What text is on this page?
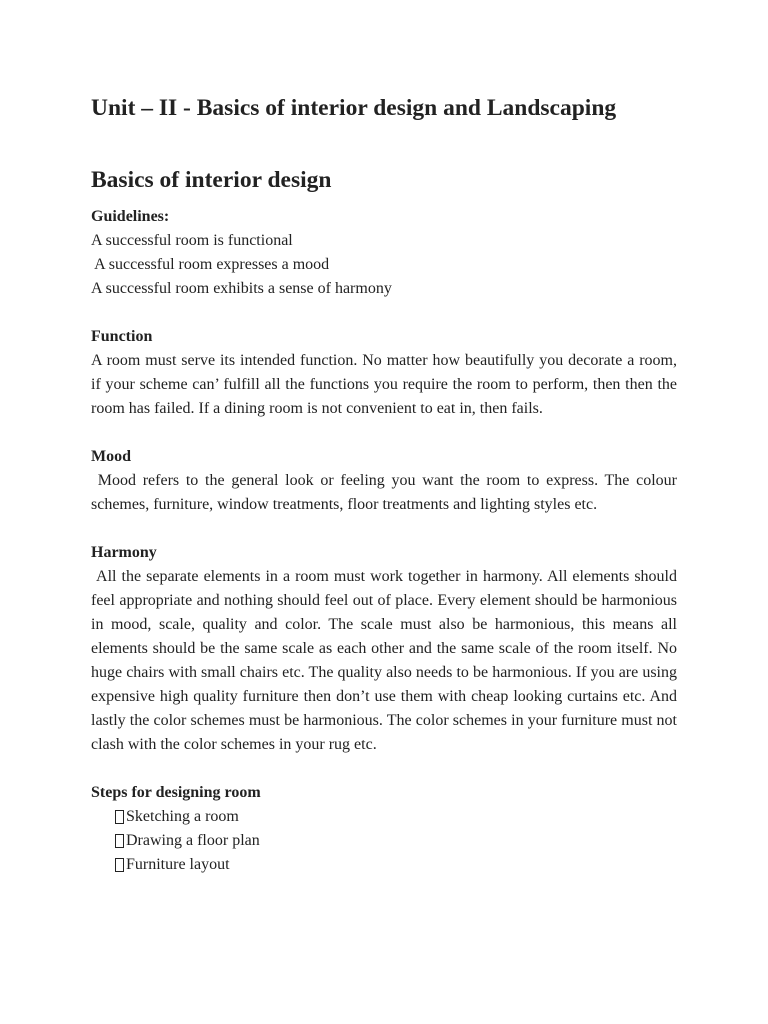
Unit – II - Basics of interior design and Landscaping
Basics of interior design

Guidelines:

A successful room is functional

A successful room expresses a mood

A successful room exhibits a sense of harmony

Function

A room must serve its intended function. No matter how beautifully you decorate a room, if your scheme can’ fulfill all the functions you require the room to perform, then then the room has failed. If a dining room is not convenient to eat in, then fails.

Mood

Mood refers to the general look or feeling you want the room to express. The colour schemes, furniture, window treatments, floor treatments and lighting styles etc.

Harmony

All the separate elements in a room must work together in harmony. All elements should feel appropriate and nothing should feel out of place. Every element should be harmonious in mood, scale, quality and color. The scale must also be harmonious, this means all elements should be the same scale as each other and the same scale of the room itself. No huge chairs with small chairs etc. The quality also needs to be harmonious. If you are using expensive high quality furniture then don’t use them with cheap looking curtains etc. And lastly the color schemes must be harmonious. The color schemes in your furniture must not clash with the color schemes in your rug etc.

Steps for designing room

Sketching a room
Drawing a floor plan
Furniture layout
